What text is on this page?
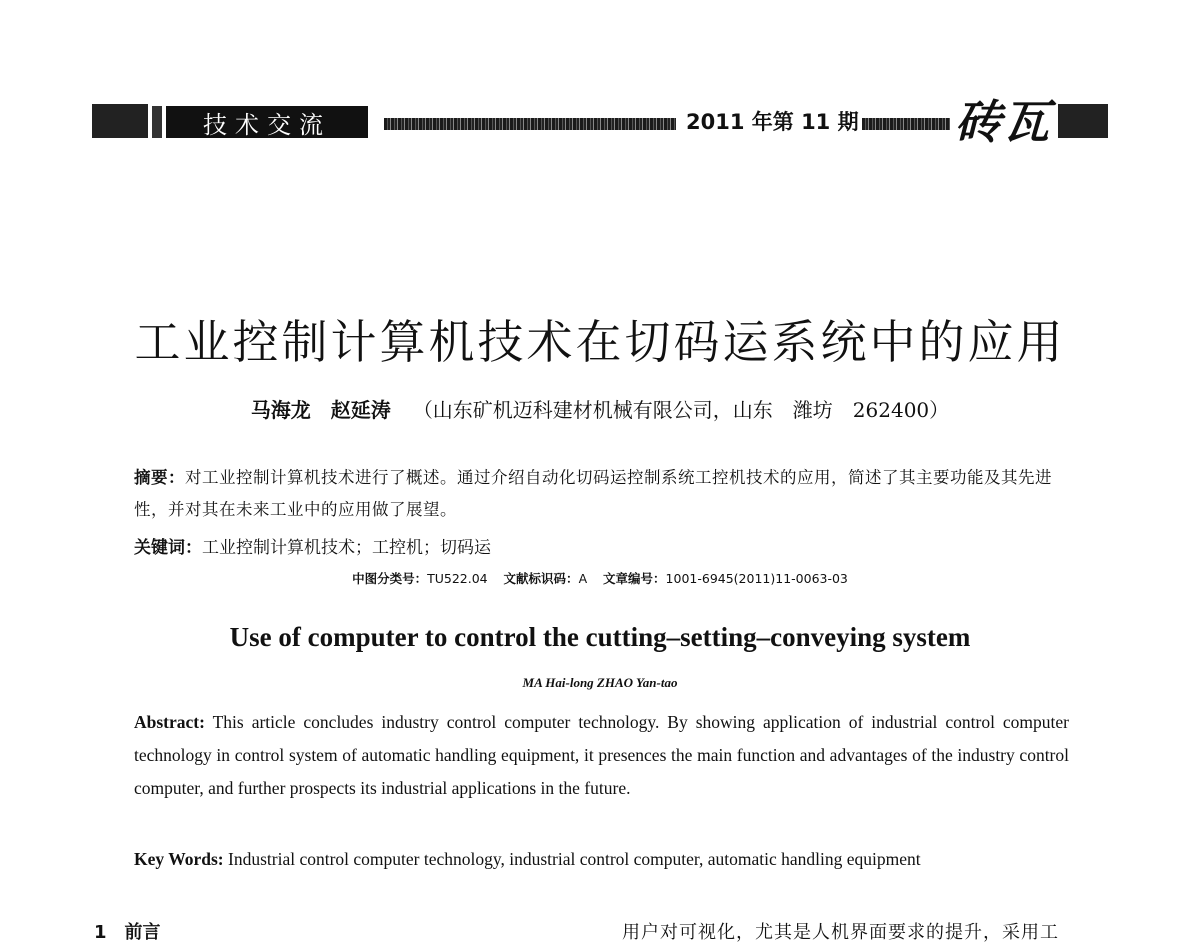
技术交流	2011 年第 11 期 砖瓦
工业控制计算机技术在切码运系统中的应用
马海龙　赵延涛 （山东矿机迈科建材机械有限公司，山东　潍坊　262400）
摘要：对工业控制计算机技术进行了概述。通过介绍自动化切码运控制系统工控机技术的应用，简述了其主要功能及其先进性，并对其在未来工业中的应用做了展望。
关键词：工业控制计算机技术；工控机；切码运
中图分类号：TU522.04 文献标识码：A 文章编号：1001-6945(2011)11-0063-03
Use of computer to control the cutting–setting–conveying system
MA Hai-long ZHAO Yan-tao
Abstract: This article concludes industry control computer technology. By showing application of industrial control computer technology in control system of automatic handling equipment, it presences the main function and advantages of the industry control computer, and further prospects its industrial applications in the future.
Key Words: Industrial control computer technology, industrial control computer, automatic handling equipment
1 前言	用户对可视化，尤其是人机界面要求的提升，采用工
